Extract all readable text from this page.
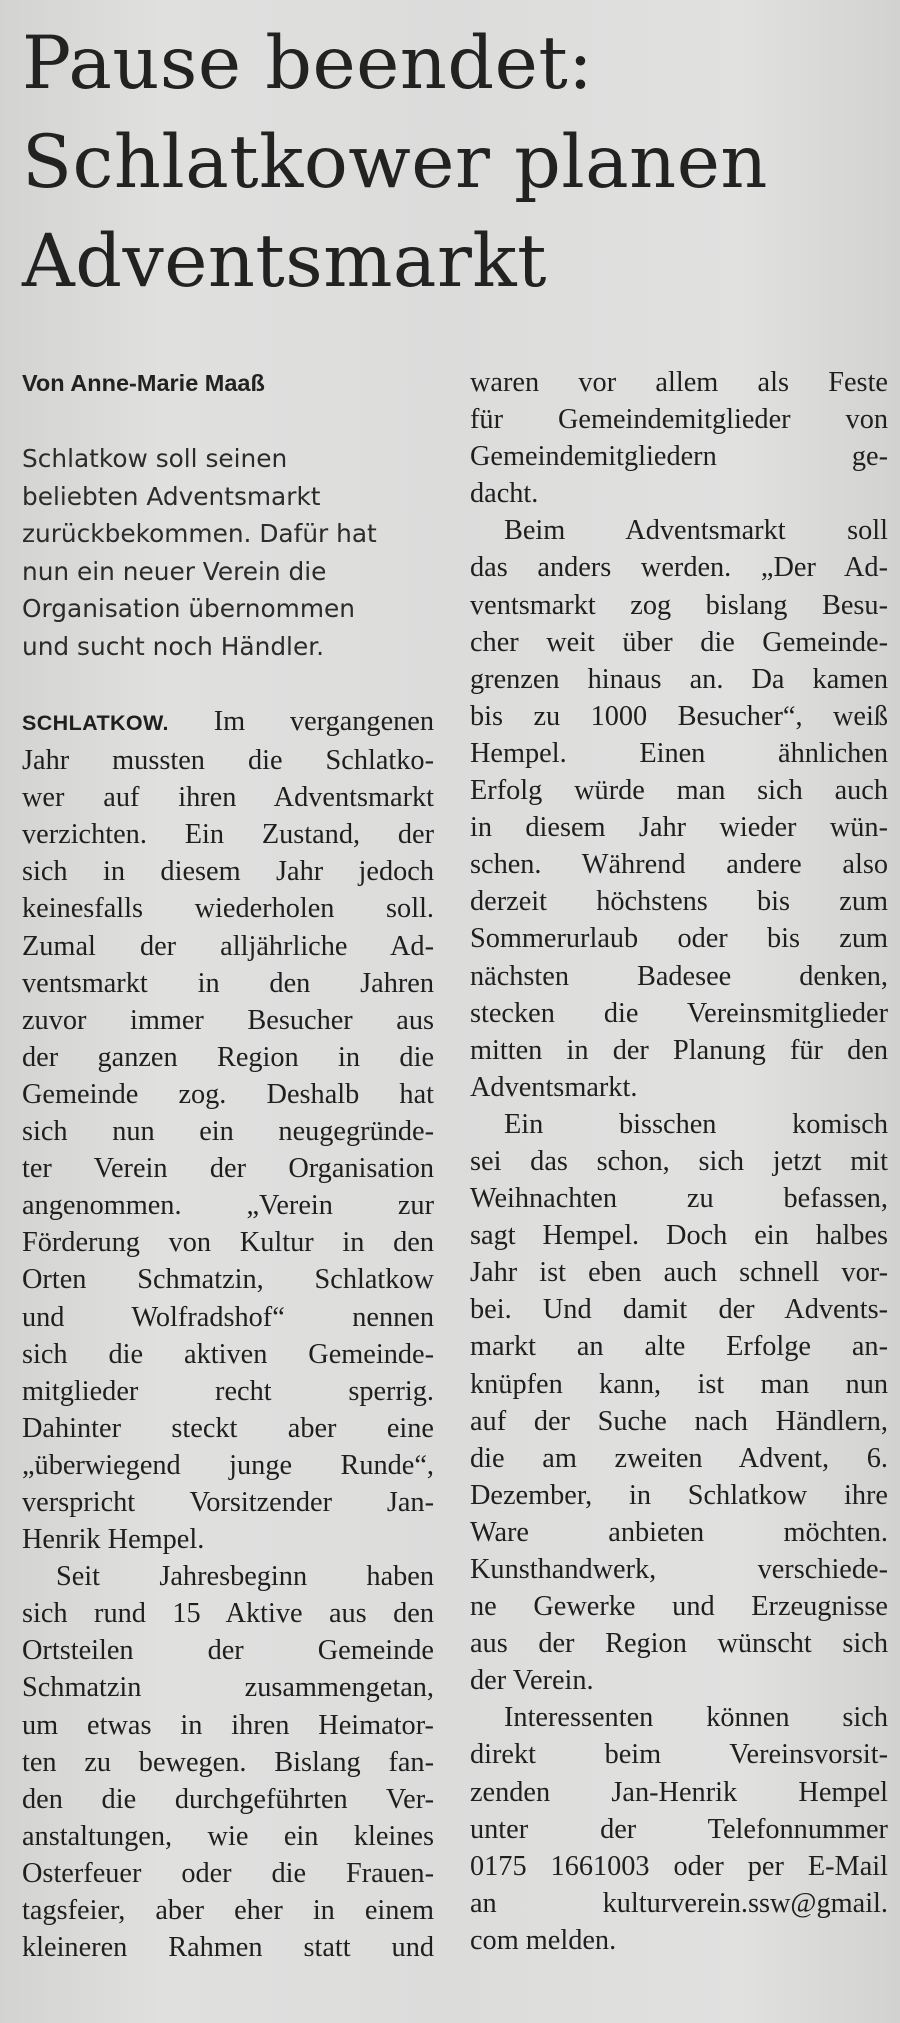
Pause beendet:
Schlatkower planen
Adventsmarkt

Von Anne-Marie Maaß

Schlatkow soll seinen
beliebten Adventsmarkt
zurückbekommen. Dafür hat
nun ein neuer Verein die
Organisation übernommen
und sucht noch Händler.

SCHLATKOW. Im vergangenen
Jahr mussten die Schlatko-
wer auf ihren Adventsmarkt
verzichten. Ein Zustand, der
sich in diesem Jahr jedoch
keinesfalls wiederholen soll.
Zumal der alljährliche Ad-
ventsmarkt in den Jahren
zuvor immer Besucher aus
der ganzen Region in die
Gemeinde zog. Deshalb hat
sich nun ein neugegründe-
ter Verein der Organisation
angenommen. „Verein zur
Förderung von Kultur in den
Orten Schmatzin, Schlatkow
und Wolfradshof“ nennen
sich die aktiven Gemeinde-
mitglieder recht sperrig.
Dahinter steckt aber eine
„überwiegend junge Runde“,
verspricht Vorsitzender Jan-
Henrik Hempel.
Seit Jahresbeginn haben
sich rund 15 Aktive aus den
Ortsteilen der Gemeinde
Schmatzin zusammengetan,
um etwas in ihren Heimator-
ten zu bewegen. Bislang fan-
den die durchgeführten Ver-
anstaltungen, wie ein kleines
Osterfeuer oder die Frauen-
tagsfeier, aber eher in einem
kleineren Rahmen statt und
waren vor allem als Feste
für Gemeindemitglieder von
Gemeindemitgliedern ge-
dacht.
Beim Adventsmarkt soll
das anders werden. „Der Ad-
ventsmarkt zog bislang Besu-
cher weit über die Gemeinde-
grenzen hinaus an. Da kamen
bis zu 1000 Besucher“, weiß
Hempel. Einen ähnlichen
Erfolg würde man sich auch
in diesem Jahr wieder wün-
schen. Während andere also
derzeit höchstens bis zum
Sommerurlaub oder bis zum
nächsten Badesee denken,
stecken die Vereinsmitglieder
mitten in der Planung für den
Adventsmarkt.
Ein bisschen komisch
sei das schon, sich jetzt mit
Weihnachten zu befassen,
sagt Hempel. Doch ein halbes
Jahr ist eben auch schnell vor-
bei. Und damit der Advents-
markt an alte Erfolge an-
knüpfen kann, ist man nun
auf der Suche nach Händlern,
die am zweiten Advent, 6.
Dezember, in Schlatkow ihre
Ware anbieten möchten.
Kunsthandwerk, verschiede-
ne Gewerke und Erzeugnisse
aus der Region wünscht sich
der Verein.
Interessenten können sich
direkt beim Vereinsvorsit-
zenden Jan-Henrik Hempel
unter der Telefonnummer
0175 1661003 oder per E-Mail
an kulturverein.ssw@gmail.
com melden.
